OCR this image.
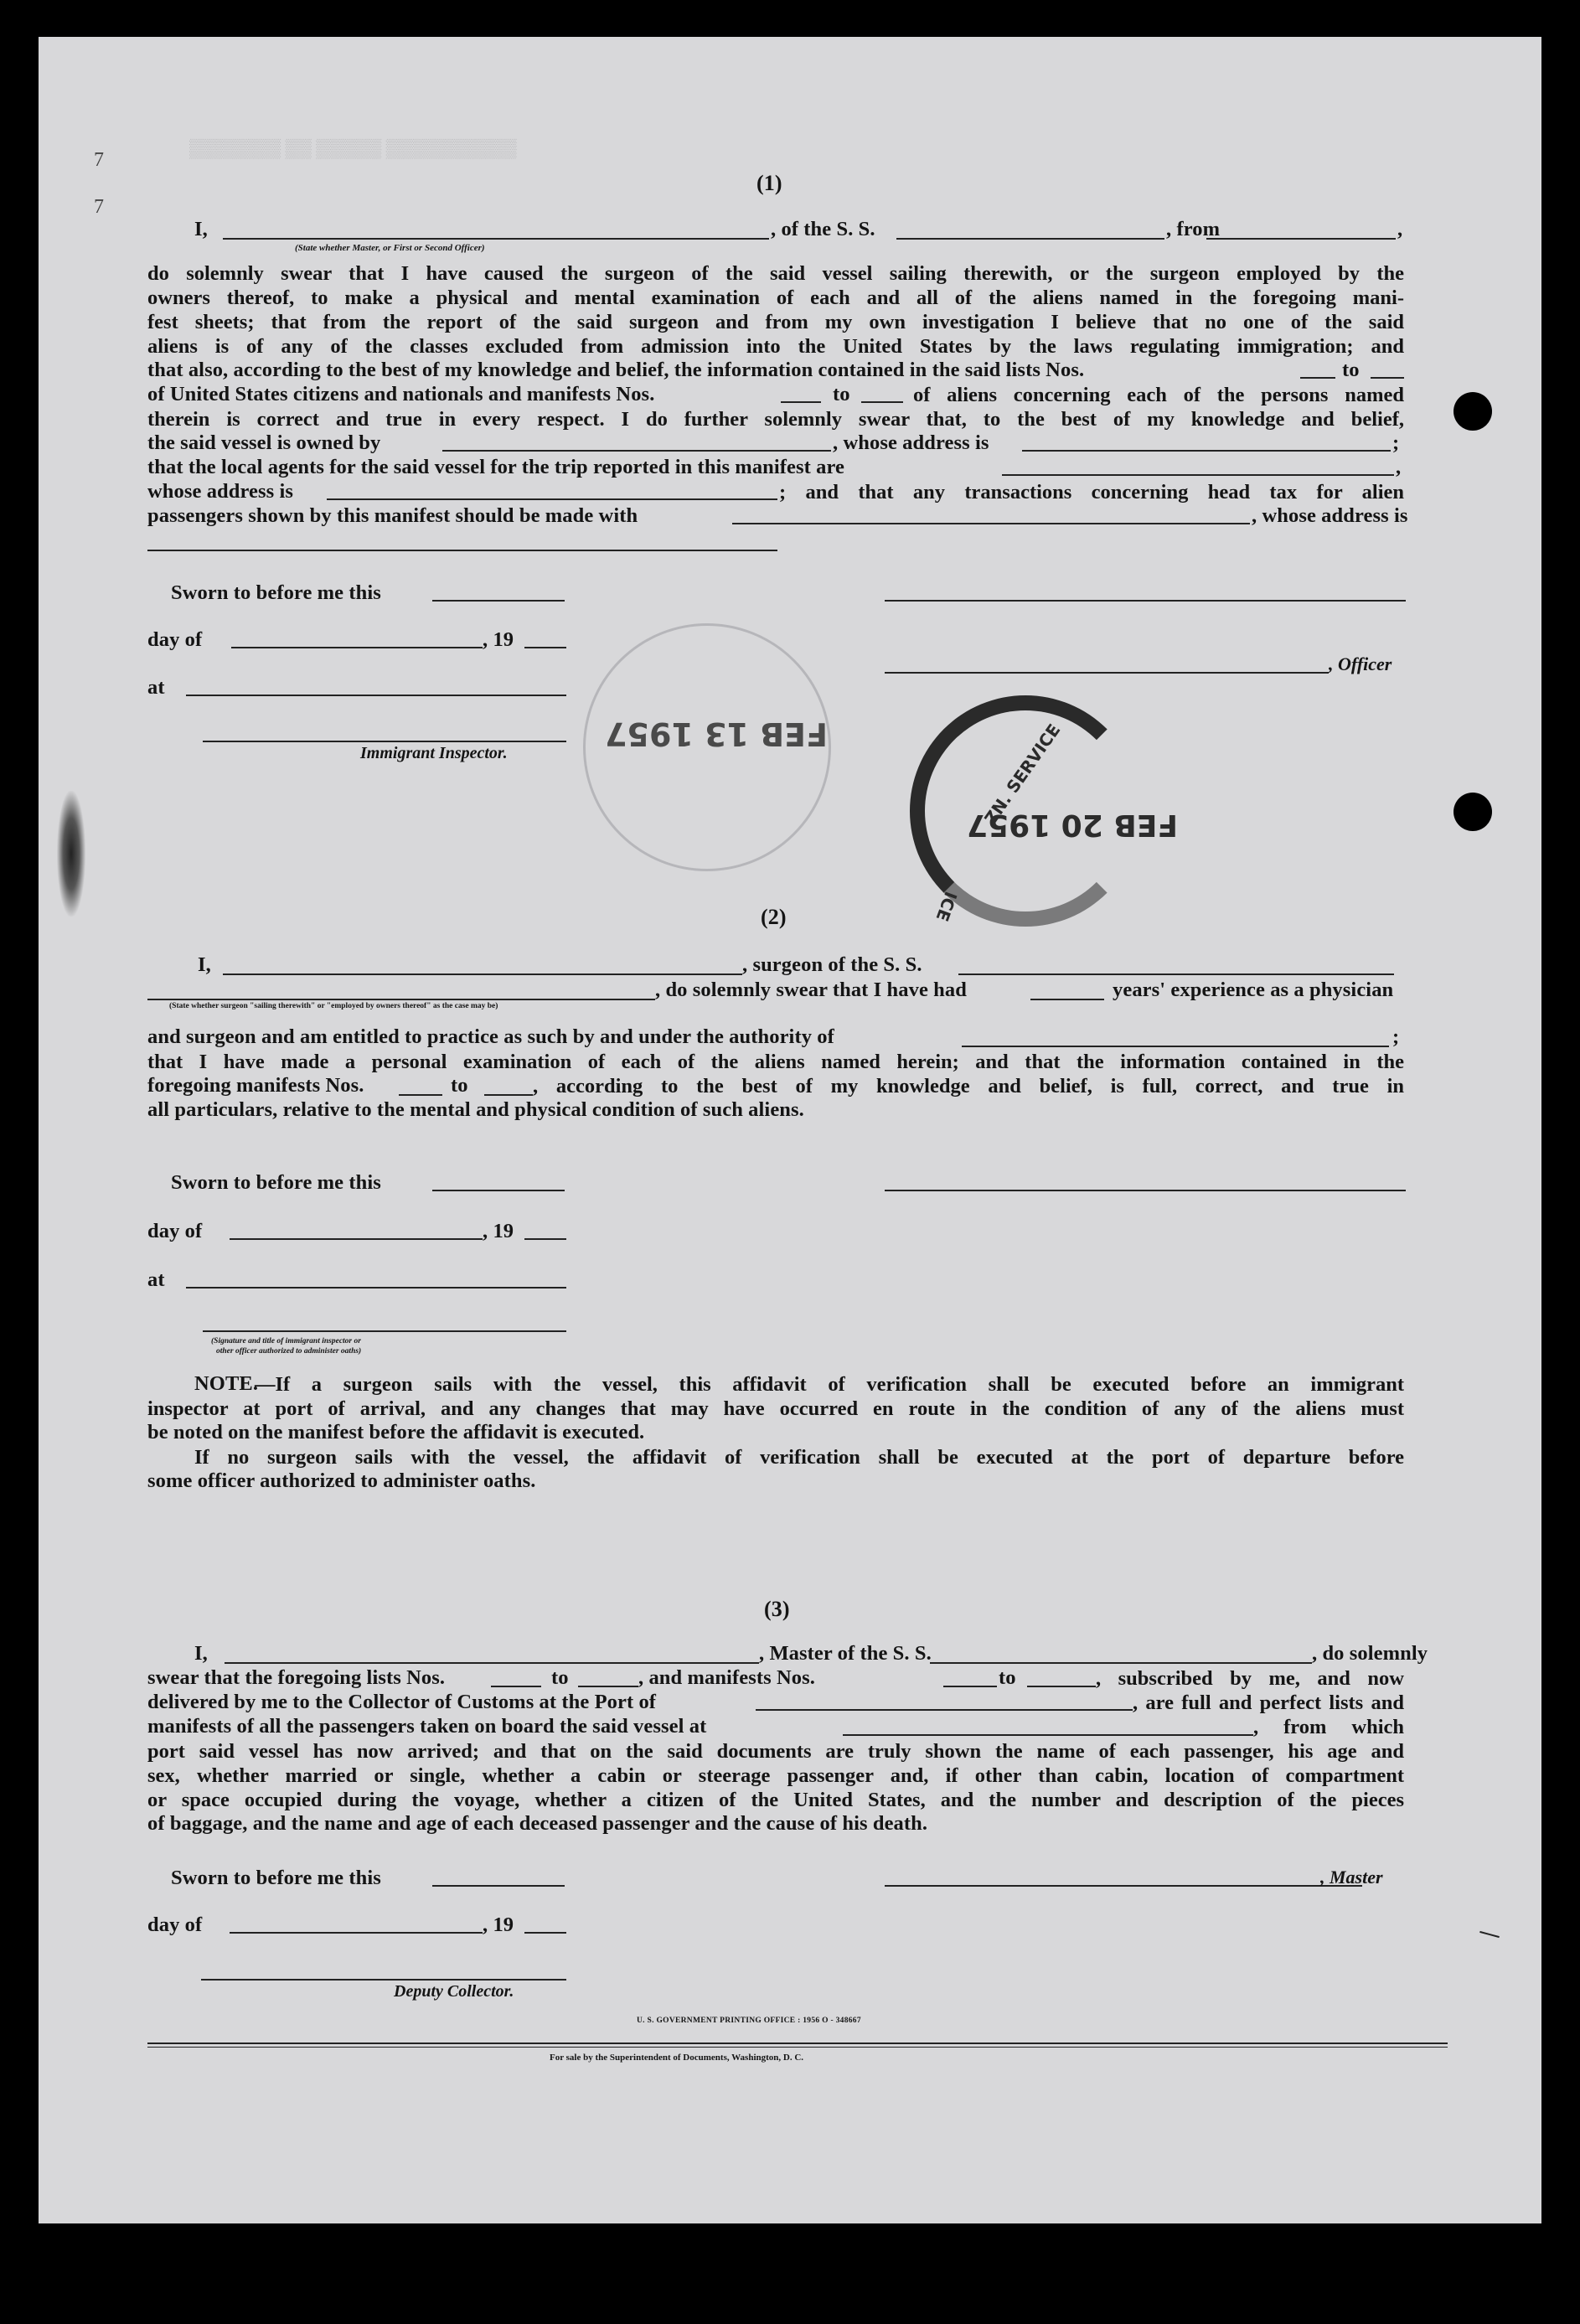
▒▒▒▒▒▒▒ ▒▒ ▒▒▒▒▒ ▒▒▒▒▒▒▒▒▒▒
7
7
(1)
I,
(State whether Master, or First or Second Officer)
, of the S. S.	, from	,
do solemnly swear that I have caused the surgeon of the said vessel sailing therewith, or the surgeon employed by the
owners thereof, to make a physical and mental examination of each and all of the aliens named in the foregoing mani-
fest sheets; that from the report of the said surgeon and from my own investigation I believe that no one of the said
aliens is of any of the classes excluded from admission into the United States by the laws regulating immigration; and
that also, according to the best of my knowledge and belief, the information contained in the said lists Nos.	to
of United States citizens and nationals and manifests Nos.	to	of aliens concerning each of the persons named
therein is correct and true in every respect. I do further solemnly swear that, to the best of my knowledge and belief,
the said vessel is owned by	, whose address is	;
that the local agents for the said vessel for the trip reported in this manifest are	,
whose address is	; and that any transactions concerning head tax for alien
passengers shown by this manifest should be made with	, whose address is
Sworn to before me this
day of	, 19
, Officer
at
Immigrant Inspector.
FEB 13 1957	ZN. SERVICE
ICE
FEB 20 1957
(2)
I,	, surgeon of the S. S.
, do solemnly swear that I have had	years' experience as a physician
(State whether surgeon "sailing therewith" or "employed by owners thereof" as the case may be)
and surgeon and am entitled to practice as such by and under the authority of	;
that I have made a personal examination of each of the aliens named herein; and that the information contained in the
foregoing manifests Nos.	to	, according to the best of my knowledge and belief, is full, correct, and true in
all particulars, relative to the mental and physical condition of such aliens.
Sworn to before me this
day of	, 19
at
(Signature and title of immigrant inspector or
other officer authorized to administer oaths)
NOTE.
—If a surgeon sails with the vessel, this affidavit of verification shall be executed before an immigrant
inspector at port of arrival, and any changes that may have occurred en route in the condition of any of the aliens must
be noted on the manifest before the affidavit is executed.
If no surgeon sails with the vessel, the affidavit of verification shall be executed at the port of departure before
some officer authorized to administer oaths.
(3)
I,	, Master of the S. S.	, do solemnly
swear that the foregoing lists Nos.	to	, and manifests Nos.	to	, subscribed by me, and now
delivered by me to the Collector of Customs at the Port of	, are full and perfect lists and
manifests of all the passengers taken on board the said vessel at	, from which
port said vessel has now arrived; and that on the said documents are truly shown the name of each passenger, his age and
sex, whether married or single, whether a cabin or steerage passenger and, if other than cabin, location of compartment
or space occupied during the voyage, whether a citizen of the United States, and the number and description of the pieces
of baggage, and the name and age of each deceased passenger and the cause of his death.
Sworn to before me this	, Master
day of	, 19
Deputy Collector.
U. S. GOVERNMENT PRINTING OFFICE : 1956 O - 348667
For sale by the Superintendent of Documents, Washington, D. C.
